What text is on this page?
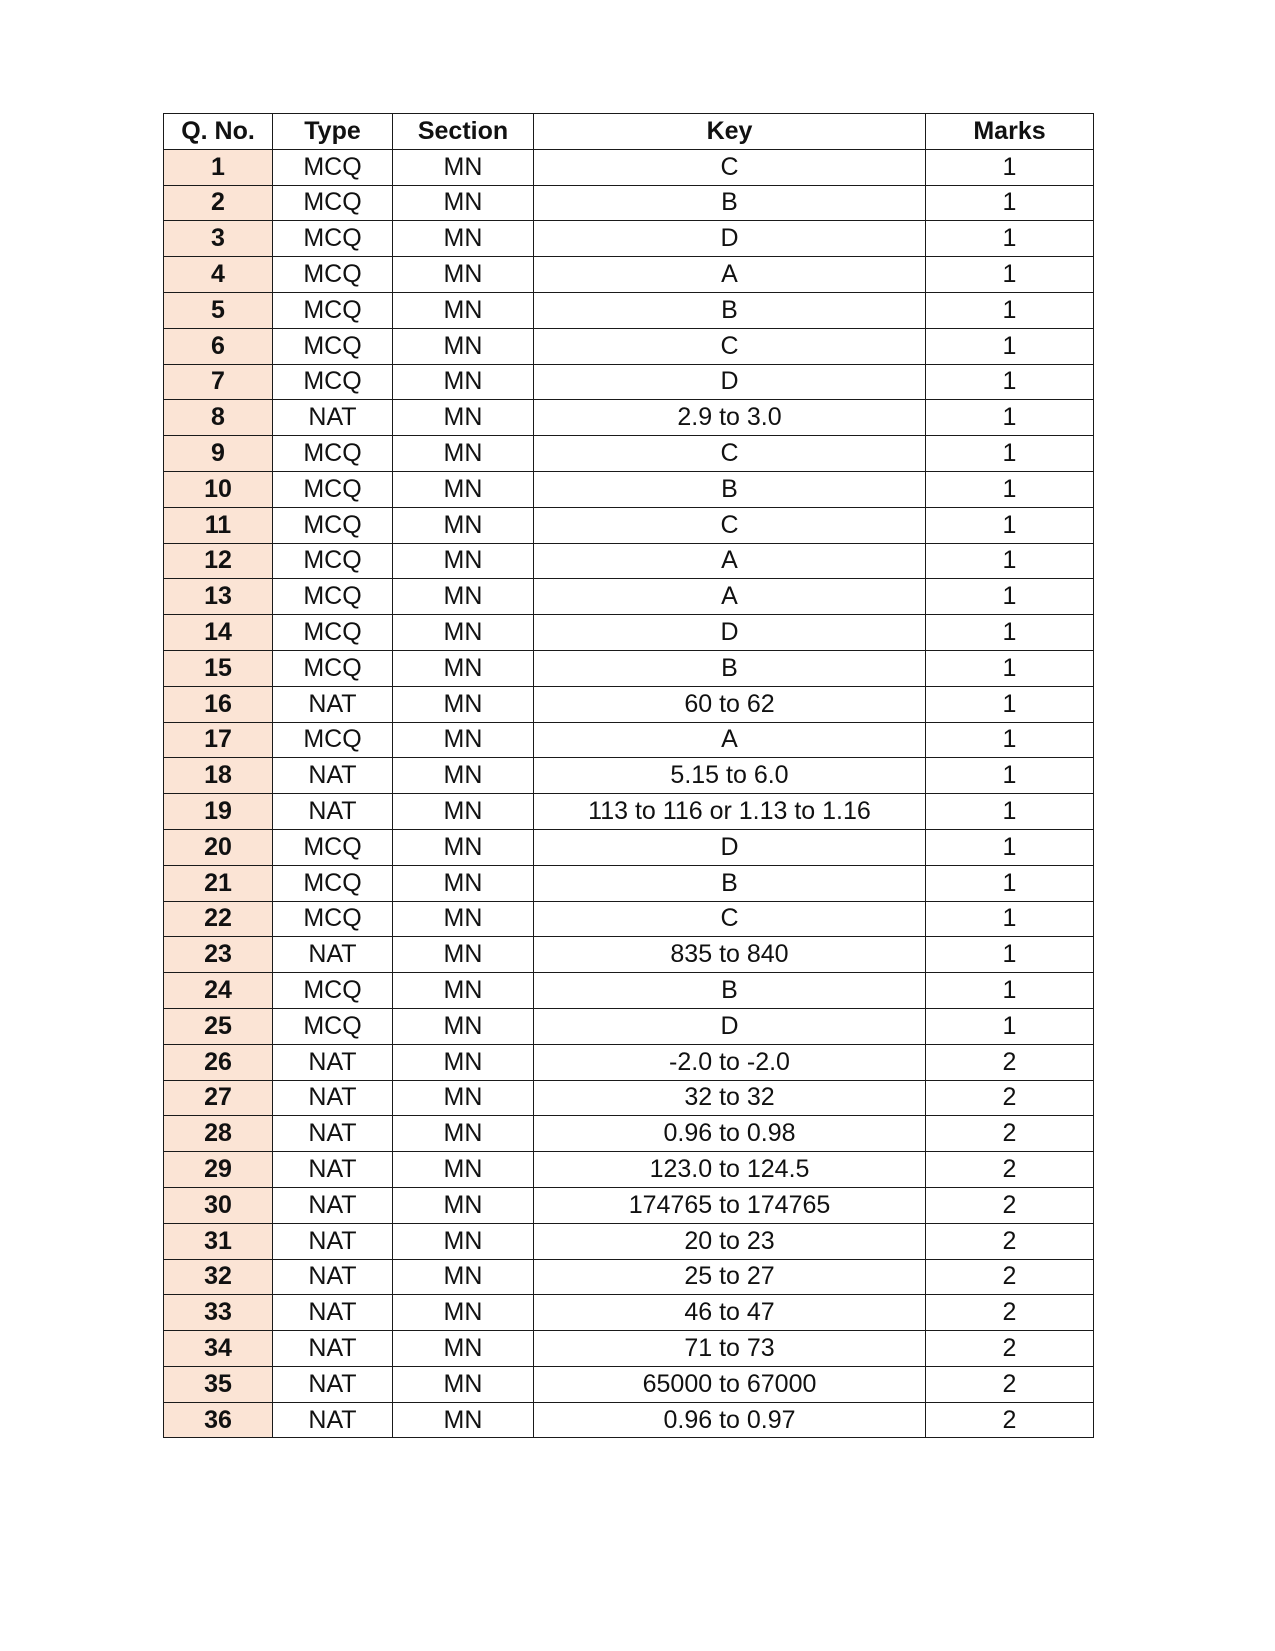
Q. No.	Type	Section	Key	Marks
1	MCQ	MN	C	1
2	MCQ	MN	B	1
3	MCQ	MN	D	1
4	MCQ	MN	A	1
5	MCQ	MN	B	1
6	MCQ	MN	C	1
7	MCQ	MN	D	1
8	NAT	MN	2.9 to 3.0	1
9	MCQ	MN	C	1
10	MCQ	MN	B	1
11	MCQ	MN	C	1
12	MCQ	MN	A	1
13	MCQ	MN	A	1
14	MCQ	MN	D	1
15	MCQ	MN	B	1
16	NAT	MN	60 to 62	1
17	MCQ	MN	A	1
18	NAT	MN	5.15 to 6.0	1
19	NAT	MN	113 to 116 or 1.13 to 1.16	1
20	MCQ	MN	D	1
21	MCQ	MN	B	1
22	MCQ	MN	C	1
23	NAT	MN	835 to 840	1
24	MCQ	MN	B	1
25	MCQ	MN	D	1
26	NAT	MN	-2.0 to -2.0	2
27	NAT	MN	32 to 32	2
28	NAT	MN	0.96 to 0.98	2
29	NAT	MN	123.0 to 124.5	2
30	NAT	MN	174765 to 174765	2
31	NAT	MN	20 to 23	2
32	NAT	MN	25 to 27	2
33	NAT	MN	46 to 47	2
34	NAT	MN	71 to 73	2
35	NAT	MN	65000 to 67000	2
36	NAT	MN	0.96 to 0.97	2
